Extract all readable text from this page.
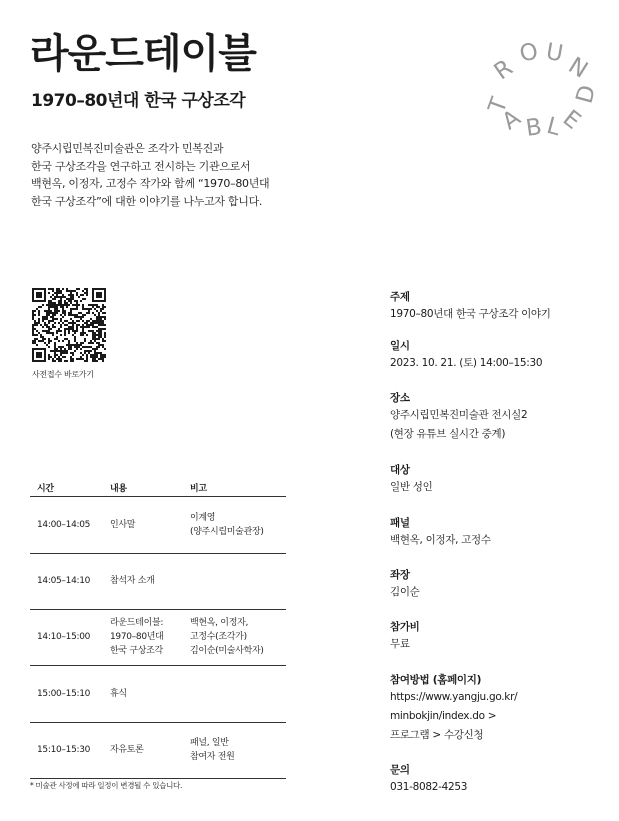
라운드테이블
1970–80년대 한국 구상조각
R
O U
N
D
T
A
B L
E
양주시립민복진미술관은 조각가 민복진과
한국 구상조각을 연구하고 전시하는 기관으로서
백현옥, 이정자, 고정수 작가와 함께 “1970–80년대
한국 구상조각”에 대한 이야기를 나누고자 합니다.
사전접수 바로가기
시간	내용	비고
14:00–14:05 인사말
이계영
(양주시립미술관장)
14:05–14:10 참석자 소개
14:10–15:00
라운드테이블:
1970–80년대
한국 구상조각
백현옥, 이정자,
고정수(조각가)
김이순(미술사학자)
15:00–15:10 휴식
15:10–15:30 자유토론
패널, 일반
참여자 전원
* 미술관 사정에 따라 일정이 변경될 수 있습니다.
주제
1970–80년대 한국 구상조각 이야기
일시
2023. 10. 21. (토) 14:00–15:30
장소
양주시립민복진미술관 전시실2
(현장 유튜브 실시간 중계)
대상
일반 성인
패널
백현옥, 이정자, 고정수
좌장
김이순
참가비
무료
참여방법 (홈페이지)
https://www.yangju.go.kr/
minbokjin/index.do >
프로그램 > 수강신청
문의
031-8082-4253
